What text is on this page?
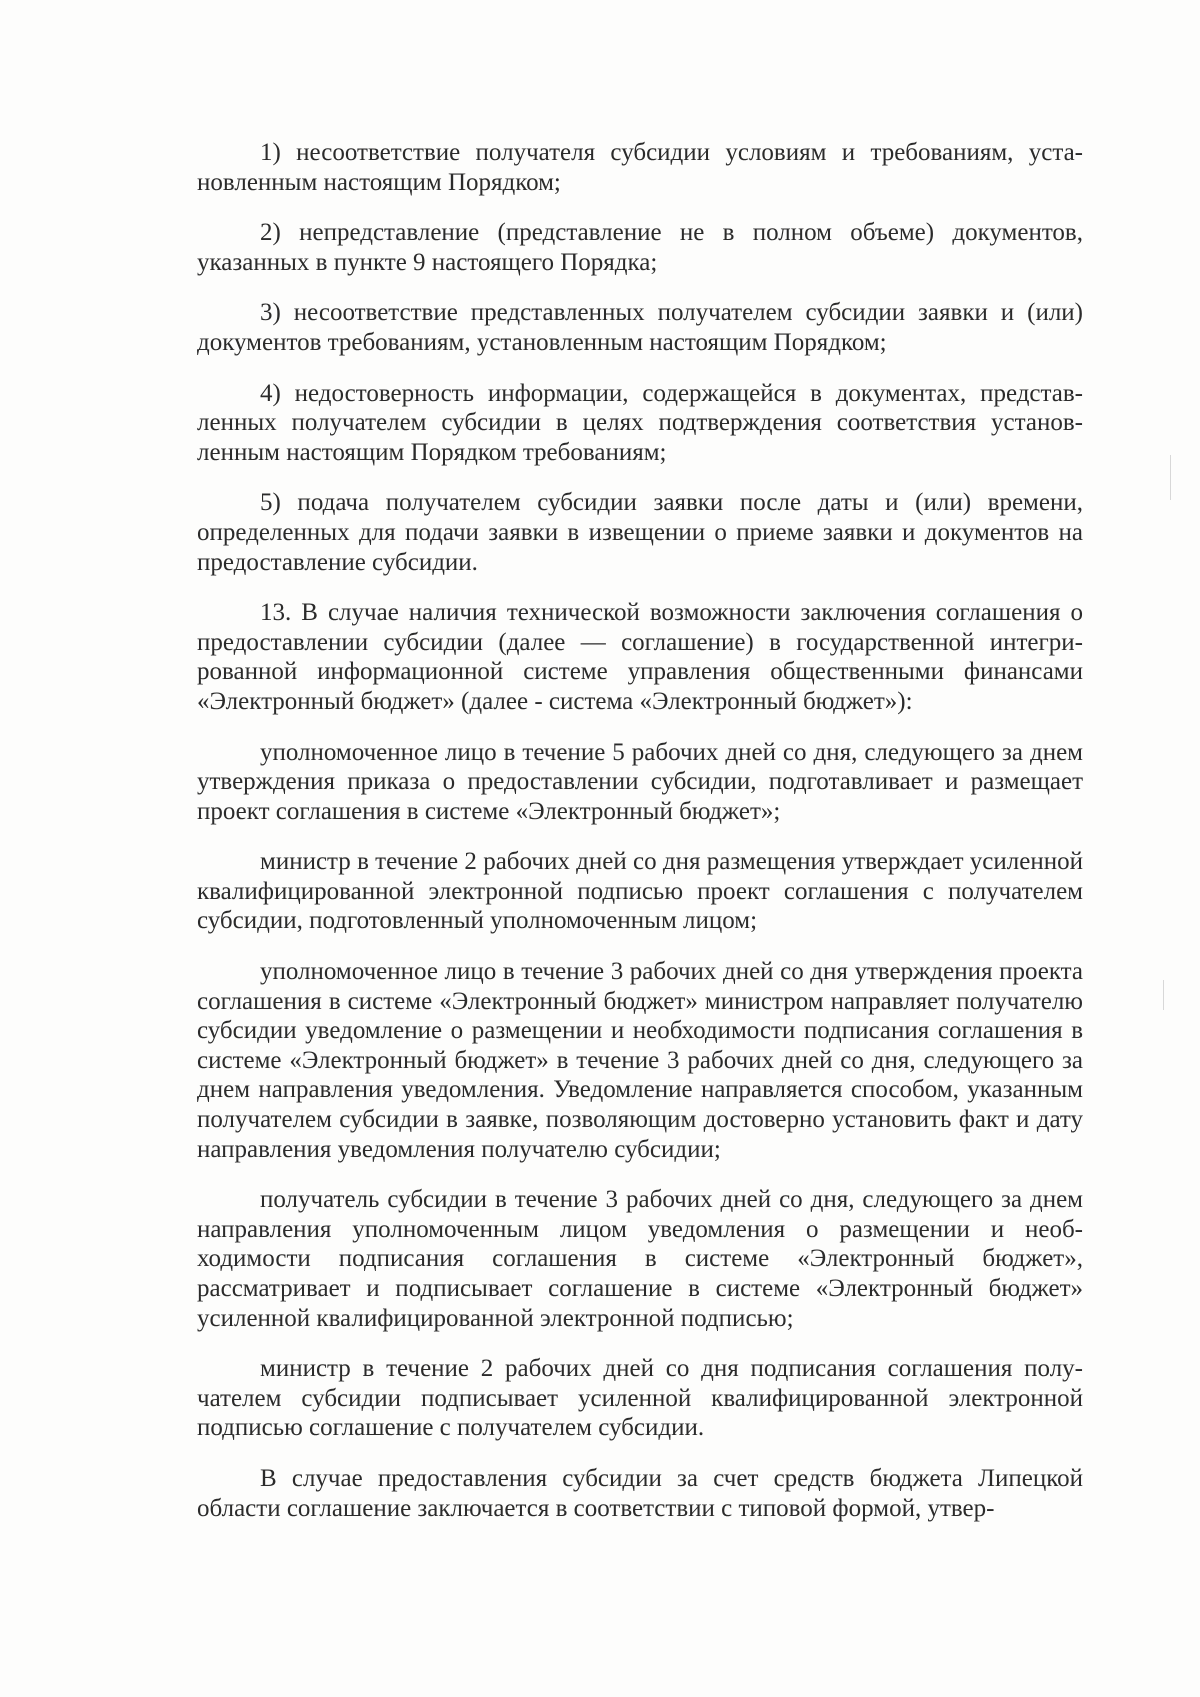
1) несоответствие получателя субсидии условиям и требованиям, установленным настоящим Порядком;

2) непредставление (представление не в полном объеме) документов, указанных в пункте 9 настоящего Порядка;

3) несоответствие представленных получателем субсидии заявки и (или) документов требованиям, установленным настоящим Порядком;

4) недостоверность информации, содержащейся в документах, представленных получателем субсидии в целях подтверждения соответствия установленным настоящим Порядком требованиям;

5) подача получателем субсидии заявки после даты и (или) времени, определенных для подачи заявки в извещении о приеме заявки и документов на предоставление субсидии.

13. В случае наличия технической возможности заключения соглашения о предоставлении субсидии (далее — соглашение) в государственной интегрированной информационной системе управления общественными финансами «Электронный бюджет» (далее - система «Электронный бюджет»):

уполномоченное лицо в течение 5 рабочих дней со дня, следующего за днем утверждения приказа о предоставлении субсидии, подготавливает и размещает проект соглашения в системе «Электронный бюджет»;

министр в течение 2 рабочих дней со дня размещения утверждает усиленной квалифицированной электронной подписью проект соглашения с получателем субсидии, подготовленный уполномоченным лицом;

уполномоченное лицо в течение 3 рабочих дней со дня утверждения проекта соглашения в системе «Электронный бюджет» министром направляет получателю субсидии уведомление о размещении и необходимости подписания соглашения в системе «Электронный бюджет» в течение 3 рабочих дней со дня, следующего за днем направления уведомления. Уведомление направляется способом, указанным получателем субсидии в заявке, позволяющим достоверно установить факт и дату направления уведомления получателю субсидии;

получатель субсидии в течение 3 рабочих дней со дня, следующего за днем направления уполномоченным лицом уведомления о размещении и необходимости подписания соглашения в системе «Электронный бюджет», рассматривает и подписывает соглашение в системе «Электронный бюджет» усиленной квалифицированной электронной подписью;

министр в течение 2 рабочих дней со дня подписания соглашения получателем субсидии подписывает усиленной квалифицированной электронной подписью соглашение с получателем субсидии.

В случае предоставления субсидии за счет средств бюджета Липецкой области соглашение заключается в соответствии с типовой формой, утвер-
